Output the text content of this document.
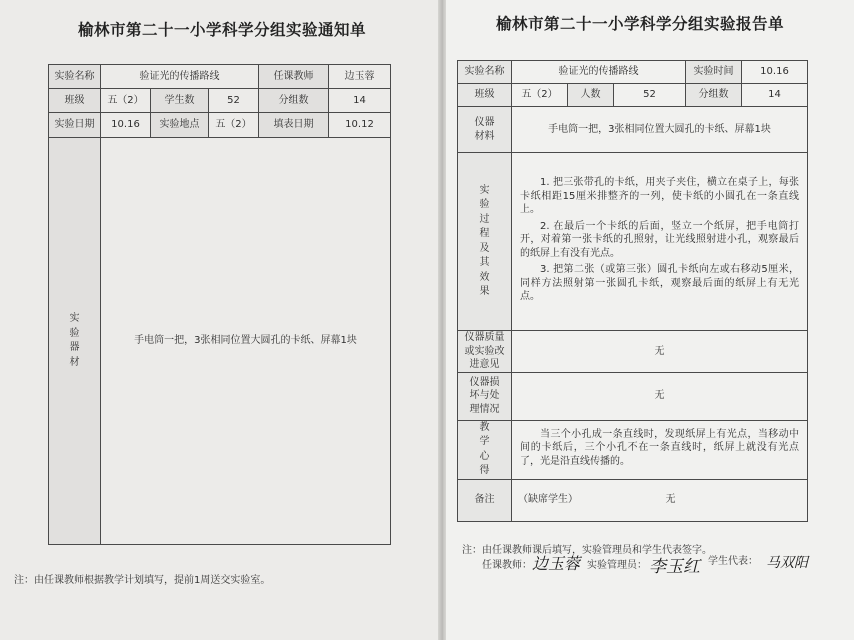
榆林市第二十一小学科学分组实验通知单
实验名称	验证光的传播路线			任课教师	边玉蓉
班级	五（2）	学生数	52	分组数	14
实验日期	10.16	实验地点	五（2）	填表日期	10.12
实验器材	手电筒一把，3张相同位置大圆孔的卡纸、屏幕1块				
注：由任课教师根据教学计划填写，提前1周送交实验室。
榆林市第二十一小学科学分组实验报告单
实验名称	验证光的传播路线			实验时间	10.16
班级	五（2）	人数	52	分组数	14
仪器材料	手电筒一把，3张相同位置大圆孔的卡纸、屏幕1块				
实验过程及其效果	1. 把三张带孔的卡纸，用夹子夹住，横立在桌子上，每张卡纸相距15厘米排整齐的一列，使卡纸的小圆孔在一条直线上。

2. 在最后一个卡纸的后面，竖立一个纸屏，把手电筒打开，对着第一张卡纸的孔照射，让光线照射进小孔，观察最后的纸屏上有没有光点。

3. 把第二张（或第三张）圆孔卡纸向左或右移动5厘米，同样方法照射第一张圆孔卡纸，观察最后面的纸屏上有无光点。				

仪器质量或实验改进意见	无				
仪器损坏与处理情况	无				
教学心得	当三个小孔成一条直线时，发现纸屏上有光点，当移动中间的卡纸后，三个小孔不在一条直线时，纸屏上就没有光点了，光是沿直线传播的。				

备注	（缺席学生）		无		
注：由任课教师课后填写，实验管理员和学生代表签字。
任课教师： 边玉蓉 实验管理员： 李玉红 学生代表： 马双阳
